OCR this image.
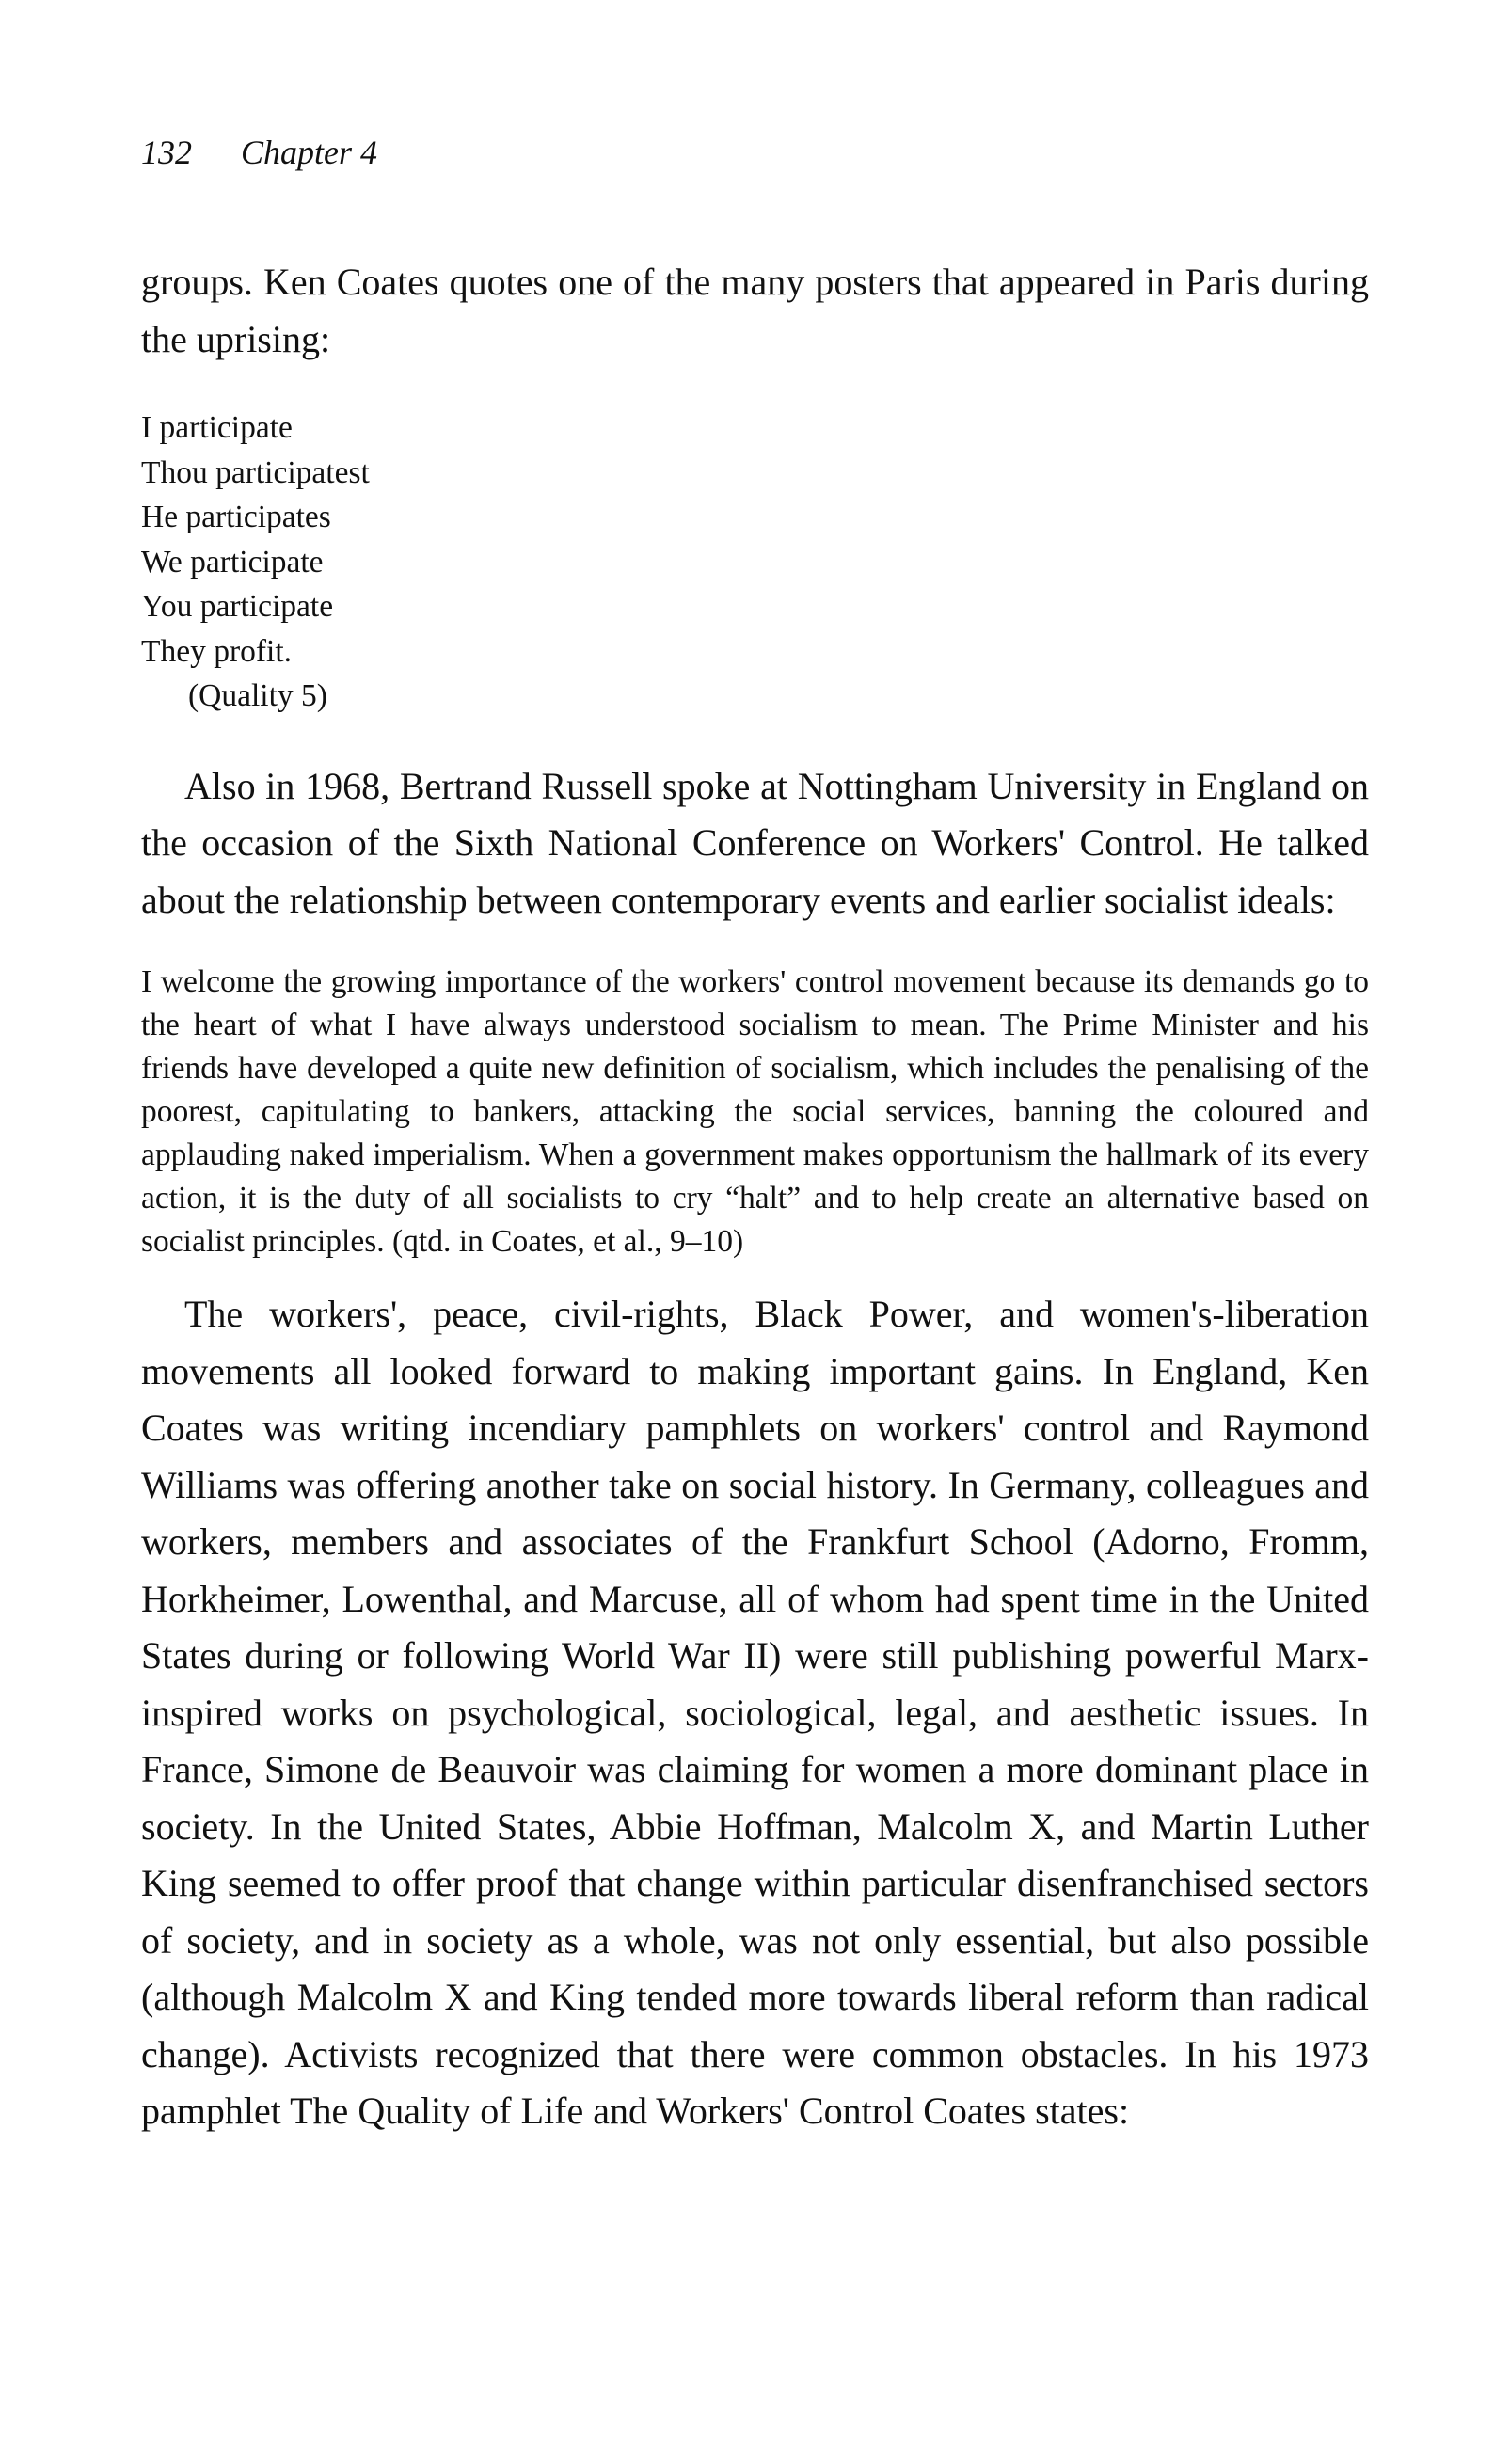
132 Chapter 4

groups. Ken Coates quotes one of the many posters that appeared in Paris during the uprising:

I participate
Thou participatest
He participates
We participate
You participate
They profit.
(Quality 5)

Also in 1968, Bertrand Russell spoke at Nottingham University in England on the occasion of the Sixth National Conference on Workers' Control. He talked about the relationship between contemporary events and earlier socialist ideals:

I welcome the growing importance of the workers' control movement because its demands go to the heart of what I have always understood socialism to mean. The Prime Minister and his friends have developed a quite new definition of socialism, which includes the penalising of the poorest, capitulating to bankers, attacking the social services, banning the coloured and applauding naked imperialism. When a government makes opportunism the hallmark of its every action, it is the duty of all socialists to cry “halt” and to help create an alternative based on socialist principles. (qtd. in Coates, et al., 9–10)

The workers', peace, civil-rights, Black Power, and women's-liberation movements all looked forward to making important gains. In England, Ken Coates was writing incendiary pamphlets on workers' control and Raymond Williams was offering another take on social history. In Germany, colleagues and workers, members and associates of the Frankfurt School (Adorno, Fromm, Horkheimer, Lowenthal, and Marcuse, all of whom had spent time in the United States during or following World War II) were still publishing powerful Marx-inspired works on psychological, sociological, legal, and aesthetic issues. In France, Simone de Beauvoir was claiming for women a more dominant place in society. In the United States, Abbie Hoffman, Malcolm X, and Martin Luther King seemed to offer proof that change within particular disenfranchised sectors of society, and in society as a whole, was not only essential, but also possible (although Malcolm X and King tended more towards liberal reform than radical change). Activists recognized that there were common obstacles. In his 1973 pamphlet The Quality of Life and Workers' Control Coates states:
